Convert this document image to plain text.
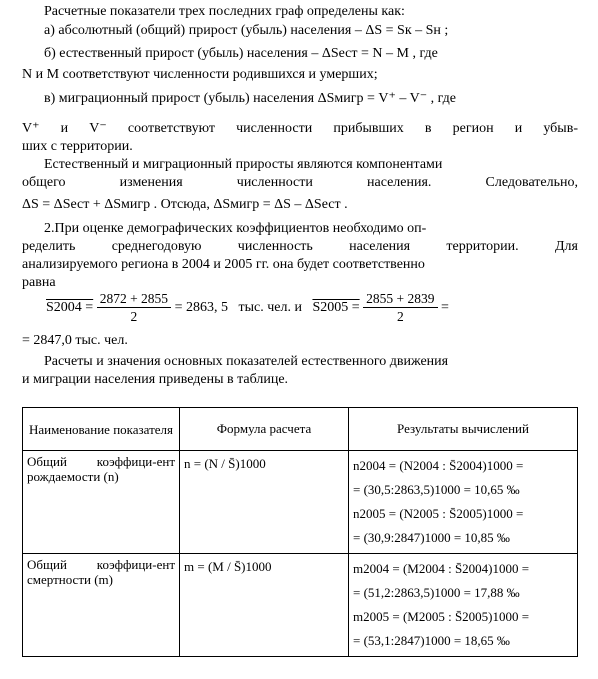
Расчетные показатели трех последних граф определены как:
а) абсолютный (общий) прирост (убыль) населения – ΔS = Sк – Sн ;
б) естественный прирост (убыль) населения – ΔSест = N – M , где
N и M соответствуют численности родившихся и умерших;
в) миграционный прирост (убыль) населения ΔSмигр = V⁺ – V⁻ , где
V⁺ и V⁻ соответствуют численности прибывших в регион и убыв-
ших с территории.
Естественный и миграционный приросты являются компонентами
общего изменения численности населения. Следовательно,
ΔS = ΔSест + ΔSмигр . Отсюда, ΔSмигр = ΔS – ΔSест .
2.При оценке демографических коэффициентов необходимо оп-
ределить среднегодовую численность населения территории. Для
анализируемого региона в 2004 и 2005 гг. она будет соответственно
равна
$S2004 = \frac{2872 + 2855}{2} = 2863$, 5 тыс. чел. и $S2005 = \frac{2855 + 2839}{2}$ =
= 2847,0 тыс. чел.
Расчеты и значения основных показателей естественного движения
и миграции населения приведены в таблице.
Наименование показателя	Формула расчета	Результаты вычислений
Общий коэффици-ент рождаемости (n)	n = (N / S̄)1000	n2004 = (N2004 : S̄2004)1000 =
= (30,5:2863,5)1000 = 10,65 ‰
n2005 = (N2005 : S̄2005)1000 =
= (30,9:2847)1000 = 10,85 ‰

Общий коэффици-ент смертности (m)	m = (M / S̄)1000	m2004 = (M2004 : S̄2004)1000 =
= (51,2:2863,5)1000 = 17,88 ‰
m2005 = (M2005 : S̄2005)1000 =
= (53,1:2847)1000 = 18,65 ‰
